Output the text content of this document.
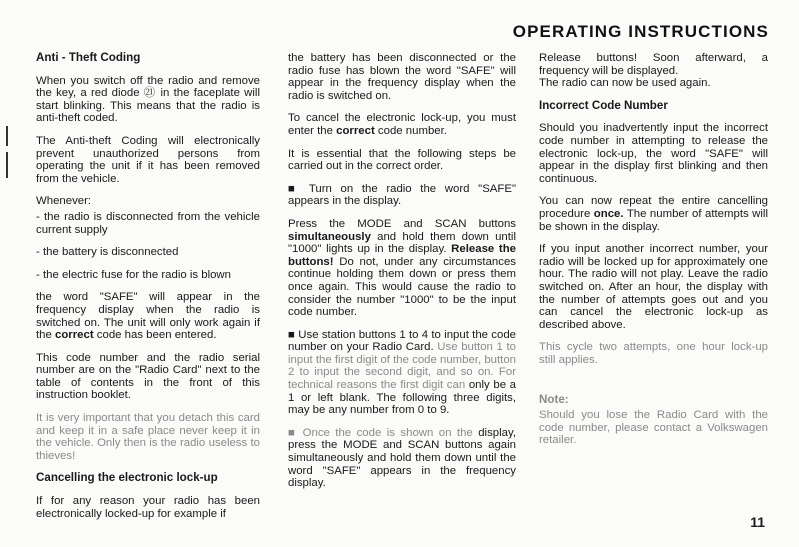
OPERATING INSTRUCTIONS
Anti - Theft Coding

When you switch off the radio and remove the key, a red diode ㉑ in the faceplate will start blinking. This means that the radio is anti-theft coded.

The Anti-theft Coding will electronically prevent unauthorized persons from operating the unit if it has been removed from the vehicle.

Whenever:

- the radio is disconnected from the vehicle current supply

- the battery is disconnected

- the electric fuse for the radio is blown

the word "SAFE" will appear in the frequency display when the radio is switched on. The unit will only work again if the correct code has been entered.

This code number and the radio serial number are on the "Radio Card" next to the table of contents in the front of this instruction booklet.

It is very important that you detach this card and keep it in a safe place never keep it in the vehicle. Only then is the radio useless to thieves!

Cancelling the electronic lock-up

If for any reason your radio has been electronically locked-up for example if

the battery has been disconnected or the radio fuse has blown the word "SAFE" will appear in the frequency display when the radio is switched on.

To cancel the electronic lock-up, you must enter the correct code number.

It is essential that the following steps be carried out in the correct order.

■ Turn on the radio the word "SAFE" appears in the display.

Press the MODE and SCAN buttons simultaneously and hold them down until "1000" lights up in the display. Release the buttons! Do not, under any circumstances continue holding them down or press them once again. This would cause the radio to consider the number "1000" to be the input code number.

■ Use station buttons 1 to 4 to input the code number on your Radio Card. Use button 1 to input the first digit of the code number, button 2 to input the second digit, and so on. For technical reasons the first digit can only be a 1 or left blank. The following three digits, may be any number from 0 to 9.

■ Once the code is shown on the display, press the MODE and SCAN buttons again simultaneously and hold them down until the word "SAFE" appears in the frequency display.

Release buttons! Soon afterward, a frequency will be displayed.
The radio can now be used again.

Incorrect Code Number

Should you inadvertently input the incorrect code number in attempting to release the electronic lock-up, the word "SAFE" will appear in the display first blinking and then continuous.

You can now repeat the entire cancelling procedure once. The number of attempts will be shown in the display.

If you input another incorrect number, your radio will be locked up for approximately one hour. The radio will not play. Leave the radio switched on. After an hour, the display with the number of attempts goes out and you can cancel the electronic lock-up as described above.

This cycle two attempts, one hour lock-up still applies.

Note:

Should you lose the Radio Card with the code number, please contact a Volkswagen retailer.

11
